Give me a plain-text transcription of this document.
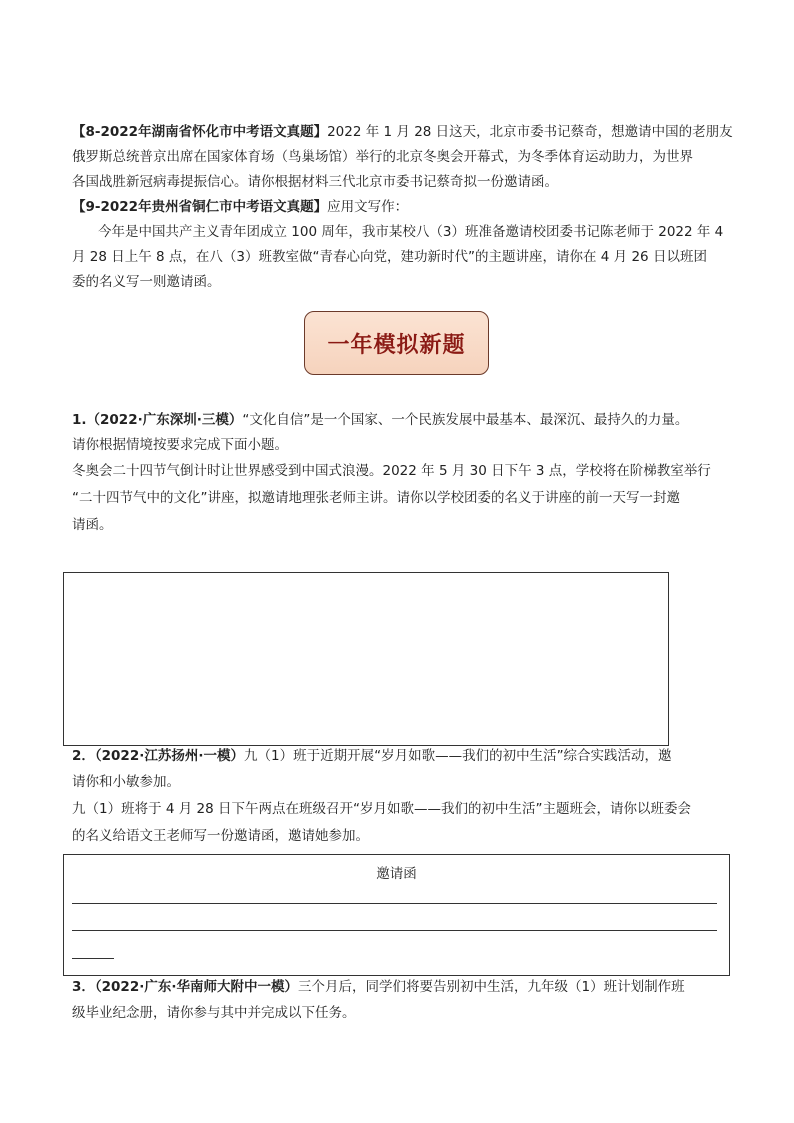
【8-2022年湖南省怀化市中考语文真题】2022 年 1 月 28 日这天，北京市委书记蔡奇，想邀请中国的老朋友
俄罗斯总统普京出席在国家体育场（鸟巢场馆）举行的北京冬奥会开幕式，为冬季体育运动助力，为世界
各国战胜新冠病毒提振信心。请你根据材料三代北京市委书记蔡奇拟一份邀请函。
【9-2022年贵州省铜仁市中考语文真题】应用文写作：
今年是中国共产主义青年团成立 100 周年，我市某校八（3）班准备邀请校团委书记陈老师于 2022 年 4
月 28 日上午 8 点，在八（3）班教室做“青春心向党，建功新时代”的主题讲座，请你在 4 月 26 日以班团
委的名义写一则邀请函。
一年模拟新题
1.（2022·广东深圳·三模）“文化自信”是一个国家、一个民族发展中最基本、最深沉、最持久的力量。
请你根据情境按要求完成下面小题。
冬奥会二十四节气倒计时让世界感受到中国式浪漫。2022 年 5 月 30 日下午 3 点，学校将在阶梯教室举行
“二十四节气中的文化”讲座，拟邀请地理张老师主讲。请你以学校团委的名义于讲座的前一天写一封邀
请函。
2．（2022·江苏扬州·一模）九（1）班于近期开展“岁月如歌——我们的初中生活”综合实践活动，邀
请你和小敏参加。
九（1）班将于 4 月 28 日下午两点在班级召开“岁月如歌——我们的初中生活”主题班会，请你以班委会
的名义给语文王老师写一份邀请函，邀请她参加。
邀请函
3．（2022·广东·华南师大附中一模）三个月后，同学们将要告别初中生活，九年级（1）班计划制作班
级毕业纪念册，请你参与其中并完成以下任务。
